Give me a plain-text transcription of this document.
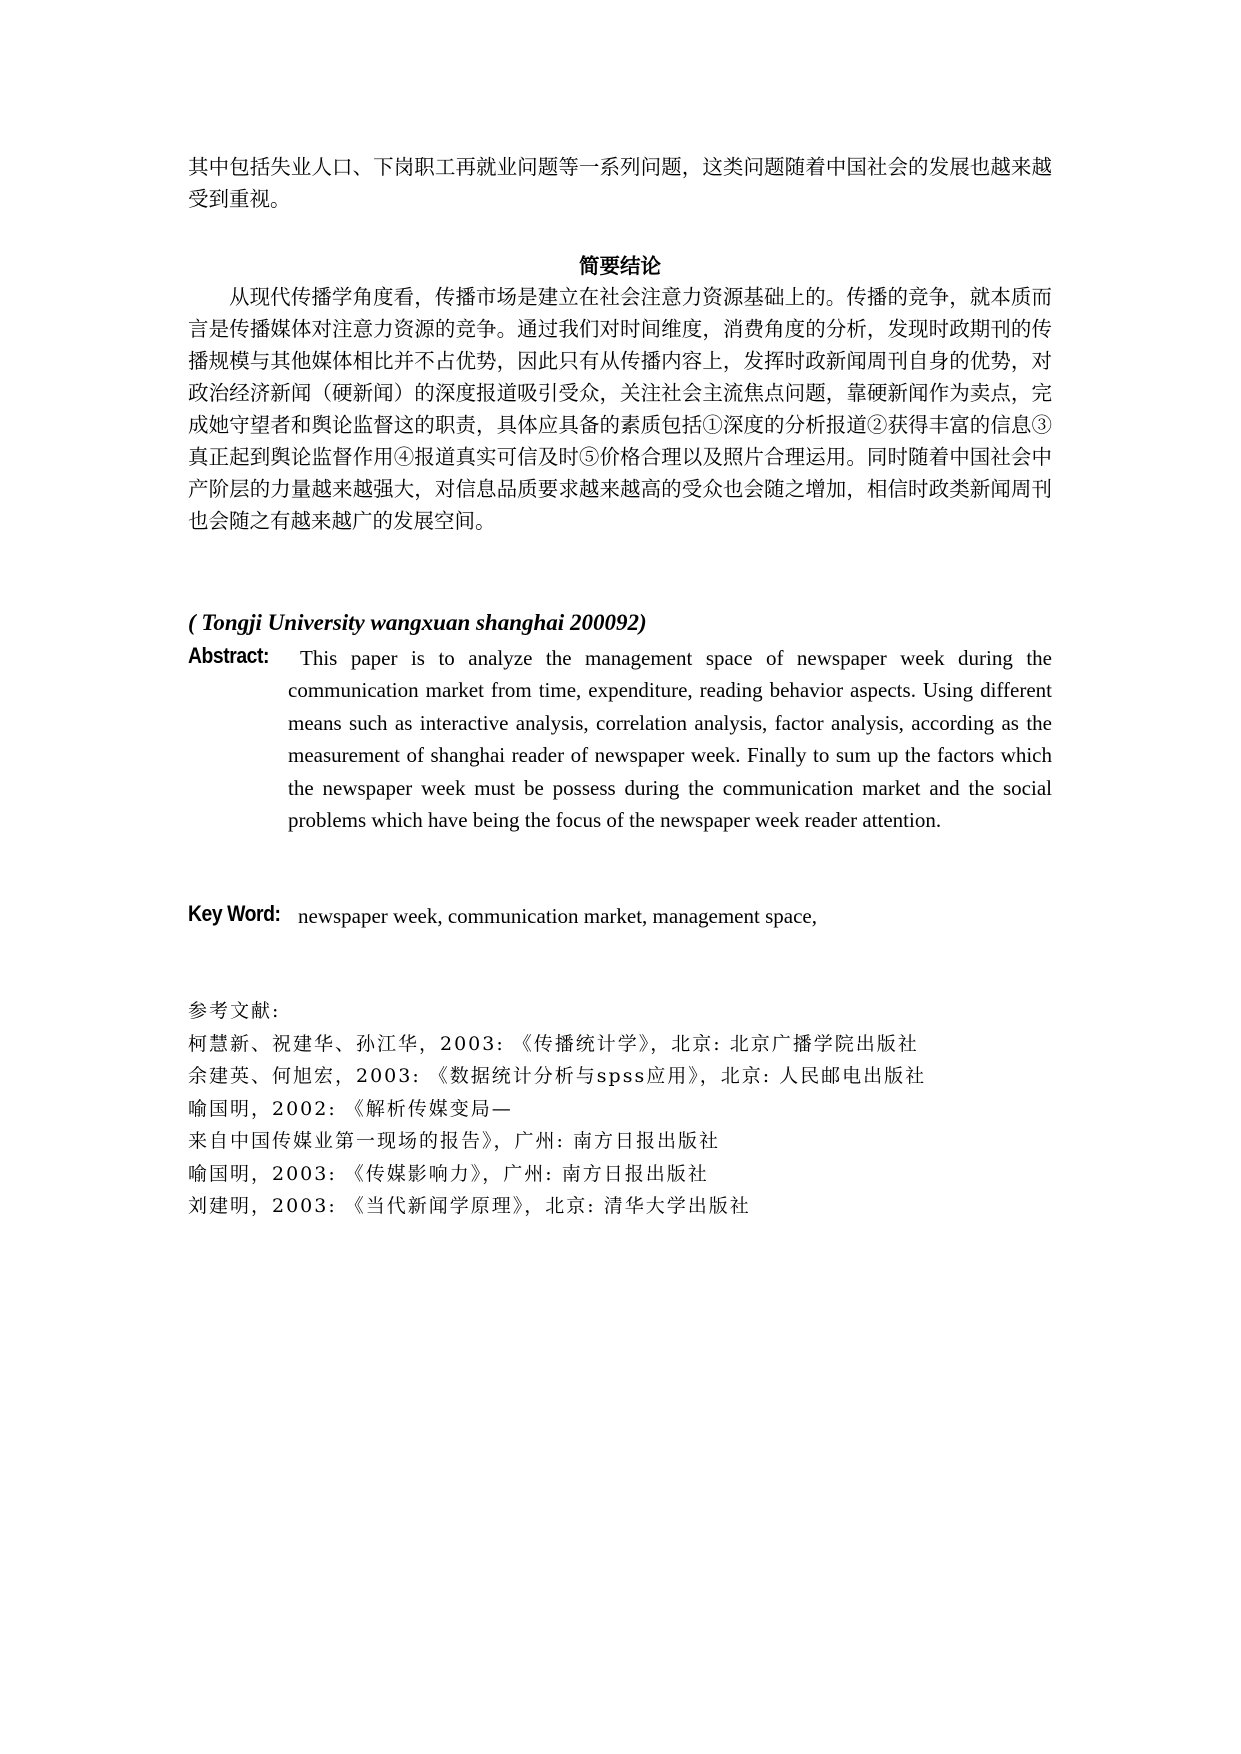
其中包括失业人口、下岗职工再就业问题等一系列问题，这类问题随着中国社会的发展也越来越受到重视。
简要结论
从现代传播学角度看，传播市场是建立在社会注意力资源基础上的。传播的竞争，就本质而言是传播媒体对注意力资源的竞争。通过我们对时间维度，消费角度的分析，发现时政期刊的传播规模与其他媒体相比并不占优势，因此只有从传播内容上，发挥时政新闻周刊自身的优势，对政治经济新闻（硬新闻）的深度报道吸引受众，关注社会主流焦点问题，靠硬新闻作为卖点，完成她守望者和舆论监督这的职责，具体应具备的素质包括①深度的分析报道②获得丰富的信息③真正起到舆论监督作用④报道真实可信及时⑤价格合理以及照片合理运用。同时随着中国社会中产阶层的力量越来越强大，对信息品质要求越来越高的受众也会随之增加，相信时政类新闻周刊也会随之有越来越广的发展空间。
( Tongji University wangxuan shanghai 200092)
Abstract:	This paper is to analyze the management space of newspaper week during the communication market from time, expenditure, reading behavior aspects. Using different means such as interactive analysis, correlation analysis, factor analysis, according as the measurement of shanghai reader of newspaper week. Finally to sum up the factors which the newspaper week must be possess during the communication market and the social problems which have being the focus of the newspaper week reader attention.
Key Word: newspaper week, communication market, management space,
参考文献:
柯慧新、祝建华、孙江华，2003: 《传播统计学》，北京: 北京广播学院出版社
余建英、何旭宏，2003: 《数据统计分析与spss应用》，北京: 人民邮电出版社
喻国明，2002: 《解析传媒变局—
来自中国传媒业第一现场的报告》，广州: 南方日报出版社
喻国明，2003: 《传媒影响力》，广州: 南方日报出版社
刘建明，2003: 《当代新闻学原理》，北京: 清华大学出版社
